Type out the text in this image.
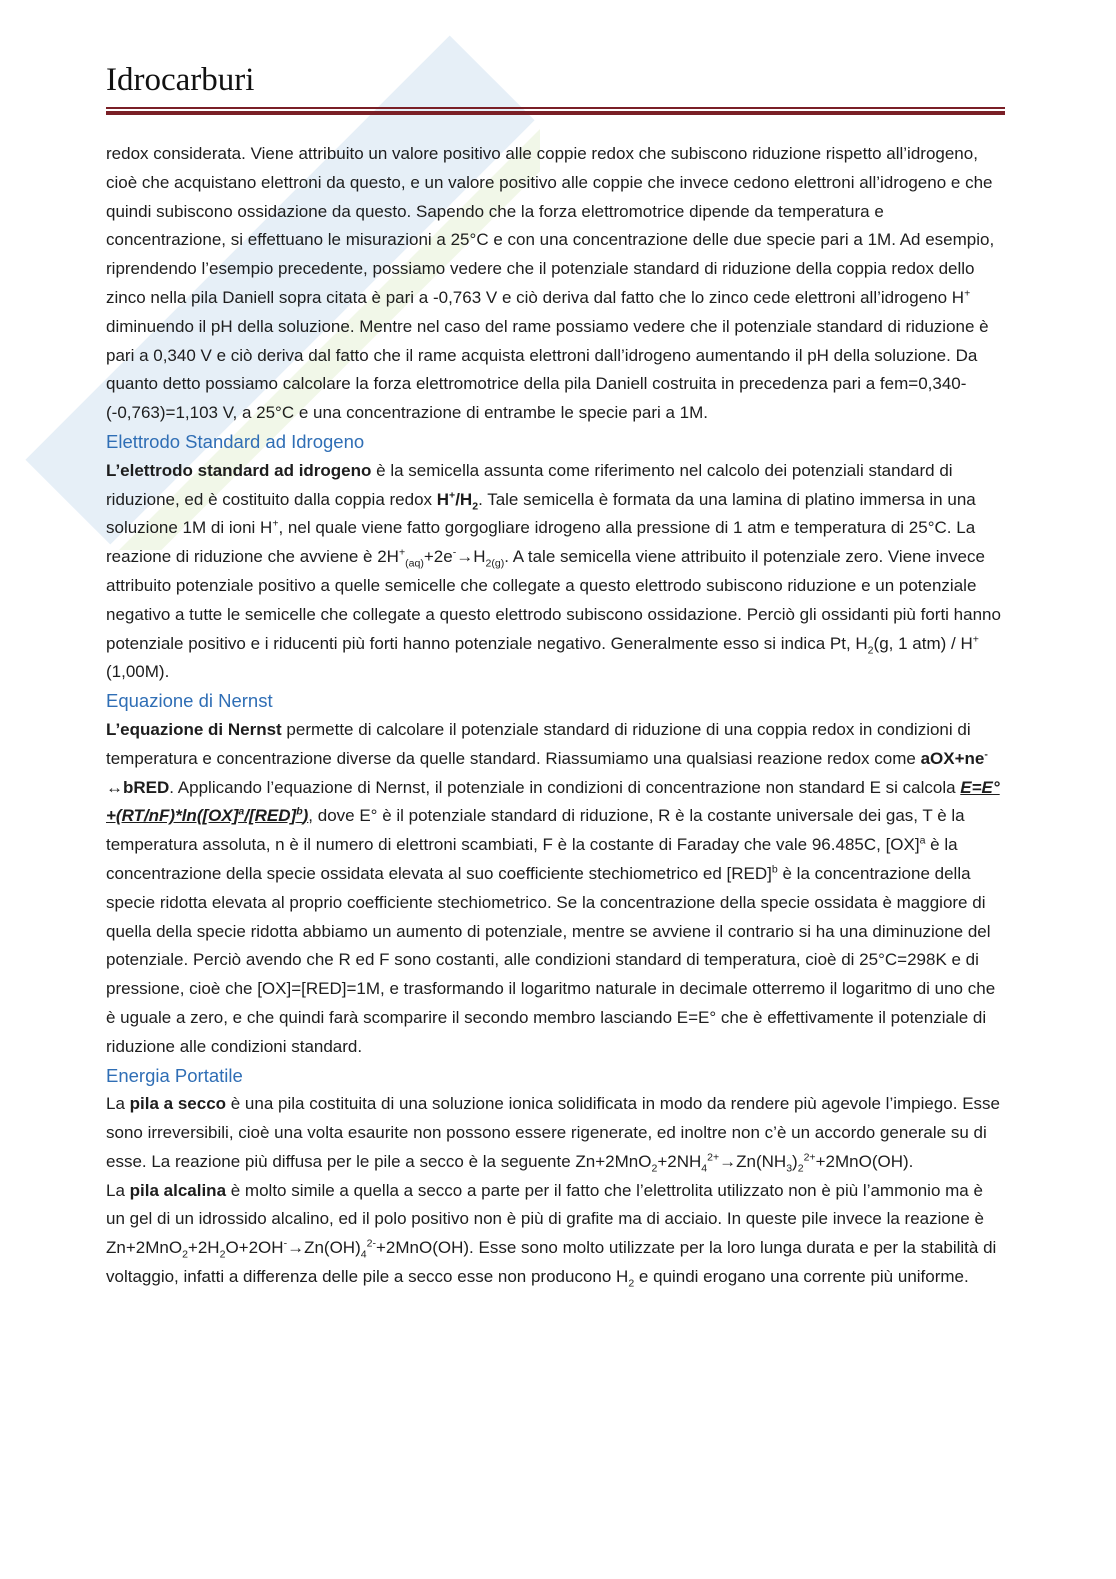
Idrocarburi

redox considerata. Viene attribuito un valore positivo alle coppie redox che subiscono riduzione rispetto all’idrogeno, cioè che acquistano elettroni da questo, e un valore positivo alle coppie che invece cedono elettroni all’idrogeno e che quindi subiscono ossidazione da questo. Sapendo che la forza elettromotrice dipende da temperatura e concentrazione, si effettuano le misurazioni a 25°C e con una concentrazione delle due specie pari a 1M. Ad esempio, riprendendo l’esempio precedente, possiamo vedere che il potenziale standard di riduzione della coppia redox dello zinco nella pila Daniell sopra citata è pari a -0,763 V e ciò deriva dal fatto che lo zinco cede elettroni all’idrogeno H+ diminuendo il pH della soluzione. Mentre nel caso del rame possiamo vedere che il potenziale standard di riduzione è pari a 0,340 V e ciò deriva dal fatto che il rame acquista elettroni dall’idrogeno aumentando il pH della soluzione. Da quanto detto possiamo calcolare la forza elettromotrice della pila Daniell costruita in precedenza pari a fem=0,340-(-0,763)=1,103 V, a 25°C e una concentrazione di entrambe le specie pari a 1M.

Elettrodo Standard ad Idrogeno

L’elettrodo standard ad idrogeno è la semicella assunta come riferimento nel calcolo dei potenziali standard di riduzione, ed è costituito dalla coppia redox $H^+/H_2$. Tale semicella è formata da una lamina di platino immersa in una soluzione 1M di ioni H+, nel quale viene fatto gorgogliare idrogeno alla pressione di 1 atm e temperatura di 25°C. La reazione di riduzione che avviene è $2H^+_{(aq)}+2e^-\to H_{2(g)}$. A tale semicella viene attribuito il potenziale zero. Viene invece attribuito potenziale positivo a quelle semicelle che collegate a questo elettrodo subiscono riduzione e un potenziale negativo a tutte le semicelle che collegate a questo elettrodo subiscono ossidazione. Perciò gli ossidanti più forti hanno potenziale positivo e i riducenti più forti hanno potenziale negativo. Generalmente esso si indica Pt, $H_2(g$, 1 atm) / H+(1,00M).

Equazione di Nernst

L’equazione di Nernst permette di calcolare il potenziale standard di riduzione di una coppia redox in condizioni di temperatura e concentrazione diverse da quelle standard. Riassumiamo una qualsiasi reazione redox come aOX+ne-↔bRED. Applicando l’equazione di Nernst, il potenziale in condizioni di concentrazione non standard E si calcola E=E°+(RT/nF)*ln([OX]$^a$/[RED]$^b$), dove E° è il potenziale standard di riduzione, R è la costante universale dei gas, T è la temperatura assoluta, n è il numero di elettroni scambiati, F è la costante di Faraday che vale 96.485C, [OX]$^a$ è la concentrazione della specie ossidata elevata al suo coefficiente stechiometrico ed [RED]$^b$ è la concentrazione della specie ridotta elevata al proprio coefficiente stechiometrico. Se la concentrazione della specie ossidata è maggiore di quella della specie ridotta abbiamo un aumento di potenziale, mentre se avviene il contrario si ha una diminuzione del potenziale. Perciò avendo che R ed F sono costanti, alle condizioni standard di temperatura, cioè di 25°C=298K e di pressione, cioè che [OX]=[RED]=1M, e trasformando il logaritmo naturale in decimale otterremo il logaritmo di uno che è uguale a zero, e che quindi farà scomparire il secondo membro lasciando E=E° che è effettivamente il potenziale di riduzione alle condizioni standard.

Energia Portatile

La pila a secco è una pila costituita di una soluzione ionica solidificata in modo da rendere più agevole l’impiego. Esse sono irreversibili, cioè una volta esaurite non possono essere rigenerate, ed inoltre non c’è un accordo generale su di esse. La reazione più diffusa per le pile a secco è la seguente $Zn+2MnO_2+2NH_4^{2+}\to Zn(NH_3)_2^{2+}+2MnO(OH)$.

La pila alcalina è molto simile a quella a secco a parte per il fatto che l’elettrolita utilizzato non è più l’ammonio ma è un gel di un idrossido alcalino, ed il polo positivo non è più di grafite ma di acciaio. In queste pile invece la reazione è $Zn+2MnO_2+2H_2O+2OH^-\to Zn(OH)_4^{2-}+2MnO(OH)$. Esse sono molto utilizzate per la loro lunga durata e per la stabilità di voltaggio, infatti a differenza delle pile a secco esse non producono $H_2$ e quindi erogano una corrente più uniforme.
